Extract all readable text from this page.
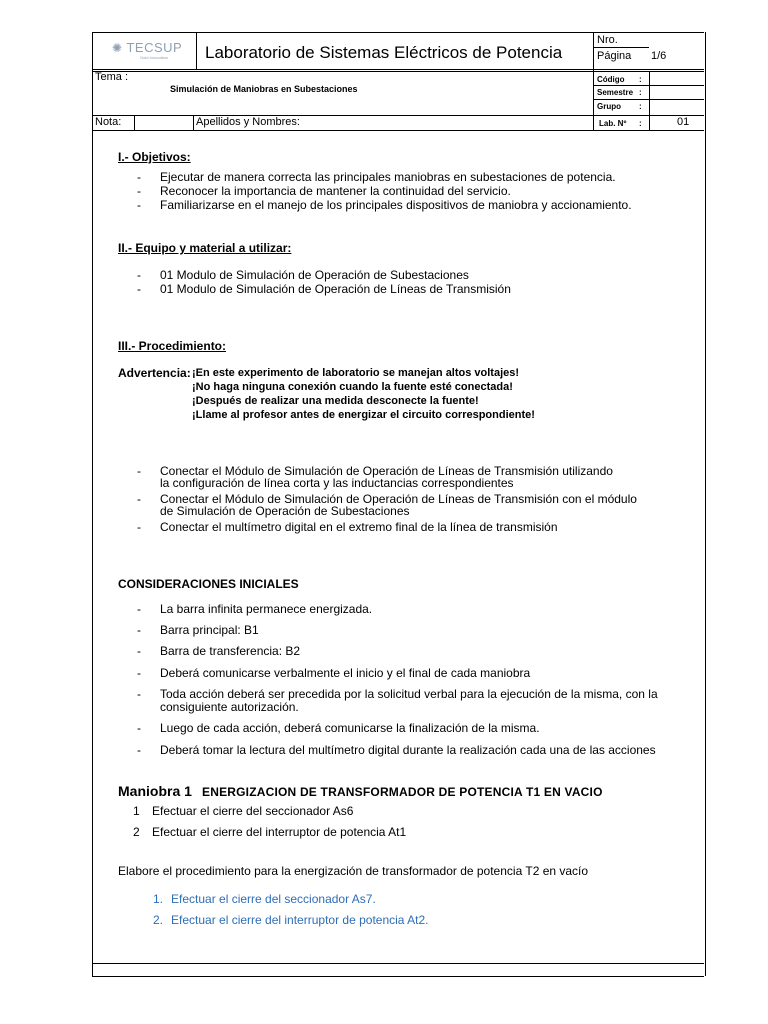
✺ TECSUP
Gold Innovation Laboratorio de Sistemas Eléctricos de Potencia
Nro.
Página 1/6
Tema :
Simulación de Maniobras en Subestaciones
Código :
Semestre :
Grupo :
Nota:	Apellidos y Nombres:	Lab. Nº :	01
I.- Objetivos:
- Ejecutar de manera correcta las principales maniobras en subestaciones de potencia.
- Reconocer la importancia de mantener la continuidad del servicio.
- Familiarizarse en el manejo de los principales dispositivos de maniobra y accionamiento.
II.- Equipo y material a utilizar:
- 01 Modulo de Simulación de Operación de Subestaciones
- 01 Modulo de Simulación de Operación de Líneas de Transmisión
III.- Procedimiento:
Advertencia: ¡En este experimento de laboratorio se manejan altos voltajes!
¡No haga ninguna conexión cuando la fuente esté conectada!
¡Después de realizar una medida desconecte la fuente!
¡Llame al profesor antes de energizar el circuito correspondiente!
- Conectar el Módulo de Simulación de Operación de Líneas de Transmisión utilizando
la configuración de línea corta y las inductancias correspondientes
- Conectar el Módulo de Simulación de Operación de Líneas de Transmisión con el módulo
de Simulación de Operación de Subestaciones
- Conectar el multímetro digital en el extremo final de la línea de transmisión
CONSIDERACIONES INICIALES
- La barra infinita permanece energizada.
- Barra principal: B1
- Barra de transferencia: B2
- Deberá comunicarse verbalmente el inicio y el final de cada maniobra
- Toda acción deberá ser precedida por la solicitud verbal para la ejecución de la misma, con la
consiguiente autorización.
- Luego de cada acción, deberá comunicarse la finalización de la misma.
- Deberá tomar la lectura del multímetro digital durante la realización cada una de las acciones
Maniobra 1 ENERGIZACION DE TRANSFORMADOR DE POTENCIA T1 EN VACIO
1 Efectuar el cierre del seccionador As6
2 Efectuar el cierre del interruptor de potencia At1
Elabore el procedimiento para la energización de transformador de potencia T2 en vacío
1. Efectuar el cierre del seccionador As7.
2. Efectuar el cierre del interruptor de potencia At2.
